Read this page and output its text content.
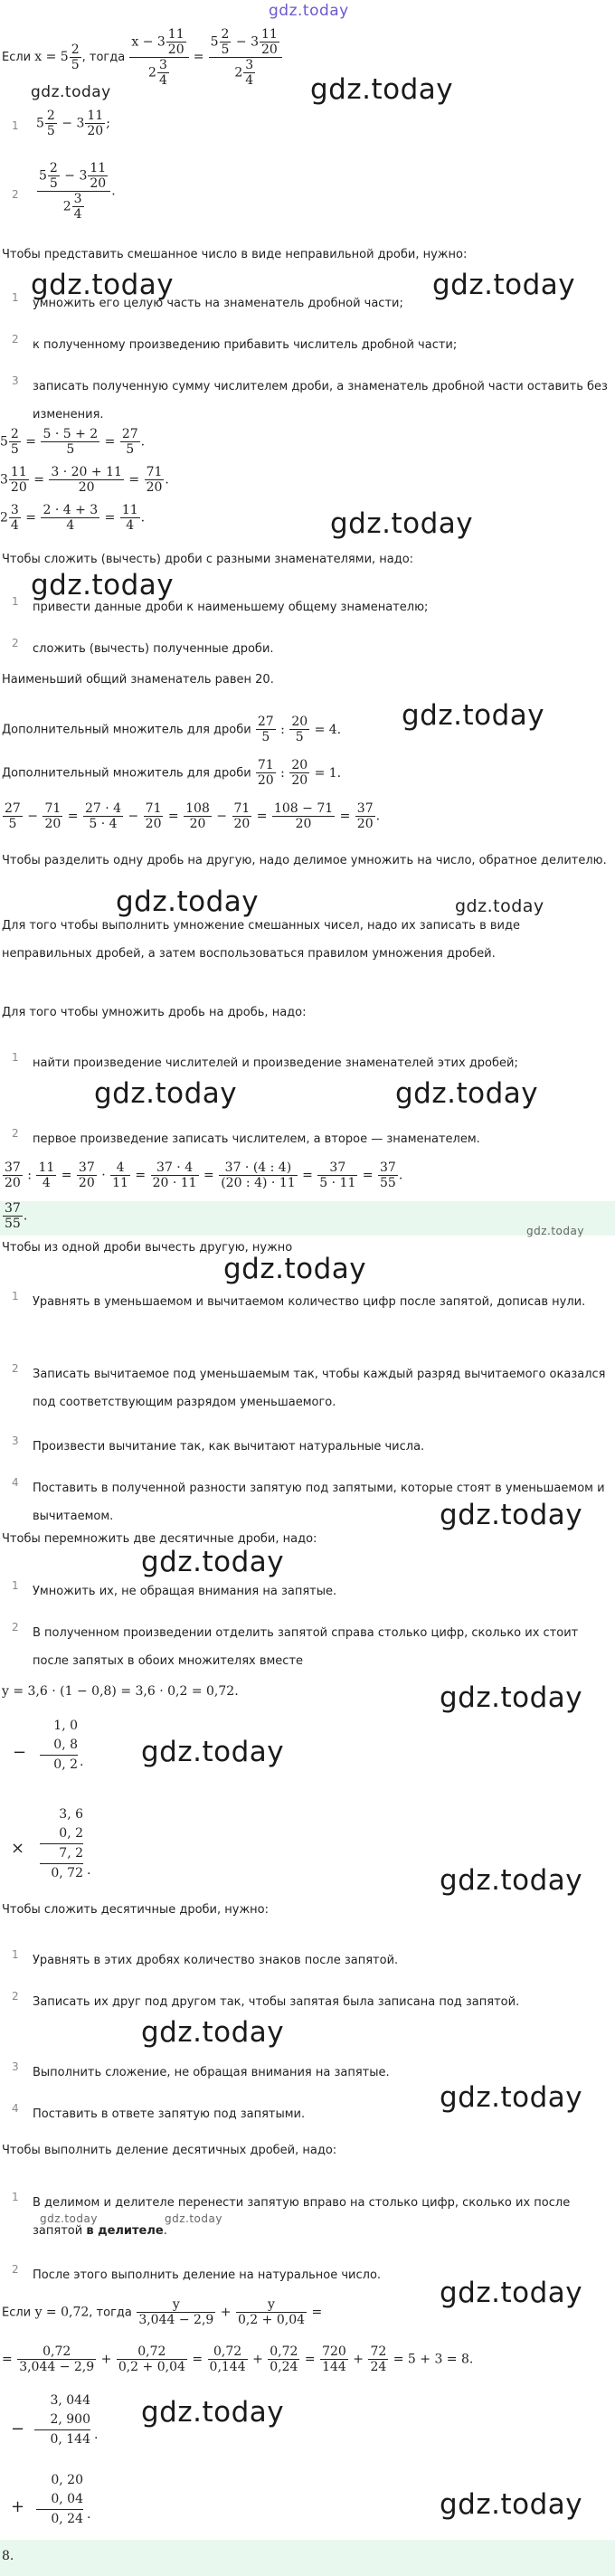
gdz.today
Если $x = 5 \frac{2}{5}$ , тогда $\frac{x - 3 \frac{11}{20}}{2 \frac{3}{4}} = \frac{5 \frac{2}{5} - 3 \frac{11}{20}}{2 \frac{3}{4}}$
gdz.today
gdz.today
1 $5 \frac{2}{5} - 3 \frac{11}{20}$ ;
$2 \frac{5 \frac{2}{5} - 3 \frac{11}{20}}{2 \frac{3}{4}}$ .
Чтобы представить смешанное число в виде неправильной дроби, нужно:
gdz.today	gdz.today
1 умножить его целую часть на знаменатель дробной части;
2 к полученному произведению прибавить числитель дробной части;
3 записать полученную сумму числителем дроби, а знаменатель дробной части оставить без изменения.
$5 \frac{2}{5} = \frac{5 \cdot 5 + 2}{5} = \frac{27}{5}$ .
$3 \frac{11}{20} = \frac{3 \cdot 20 + 11}{20} = \frac{71}{20}$ .
$2 \frac{3}{4} = \frac{2 \cdot 4 + 3}{4} = \frac{11}{4}$ .	gdz.today
Чтобы сложить (вычесть) дроби с разными знаменателями, надо:
gdz.today
1 привести данные дроби к наименьшему общему знаменателю;
2 сложить (вычесть) полученные дроби.
Наименьший общий знаменатель равен 20.
Дополнительный множитель для дроби $\frac{27}{5}$ : $\frac{20}{5} = 4$. gdz.today
Дополнительный множитель для дроби $\frac{71}{20}$ : $\frac{20}{20} = 1$.
$\frac{27}{5} - \frac{71}{20} = \frac{27 \cdot 4}{5 \cdot 4} - \frac{71}{20} = \frac{108}{20} - \frac{71}{20} = \frac{108 - 71}{20} = \frac{37}{20}$ .
Чтобы разделить одну дробь на другую, надо делимое умножить на число, обратное делителю.
gdz.today	gdz.today
Для того чтобы выполнить умножение смешанных чисел, надо их записать в виде неправильных дробей, а затем воспользоваться правилом умножения дробей.
Для того чтобы умножить дробь на дробь, надо:
1 найти произведение числителей и произведение знаменателей этих дробей;
gdz.today	gdz.today
2 первое произведение записать числителем, а второе — знаменателем.
$\frac{37}{20}$ : $\frac{11}{4} = \frac{37}{20} \cdot \frac{4}{11} = \frac{37 \cdot 4}{20 \cdot 11} = \frac{37 \cdot (4 : 4)}{(20 : 4) \cdot 11} = \frac{37}{5 \cdot 11} = \frac{37}{55}$ .
$\frac{37}{55}$ .
Чтобы из одной дроби вычесть другую, нужно
gdz.today
gdz.today
1 Уравнять в уменьшаемом и вычитаемом количество цифр после запятой, дописав нули.
2 Записать вычитаемое под уменьшаемым так, чтобы каждый разряд вычитаемого оказался под соответствующим разрядом уменьшаемого.
3 Произвести вычитание так, как вычитают натуральные числа.
4 Поставить в полученной разности запятую под запятыми, которые стоят в уменьшаемом и вычитаемом.	gdz.today
Чтобы перемножить две десятичные дроби, надо:
gdz.today
1 Умножить их, не обращая внимания на запятые.
2 В полученном произведении отделить запятой справа столько цифр, сколько их стоит после запятых в обоих множителях вместе
y = 3,6 · (1 − 0,8) = 3,6 · 0,2 = 0,72.	gdz.today
−
1, 0
0, 8
0, 2 . gdz.today
×
3, 6
0, 2
7, 2
0, 72 .	gdz.today
Чтобы сложить десятичные дроби, нужно:
1 Уравнять в этих дробях количество знаков после запятой.
2 Записать их друг под другом так, чтобы запятая была записана под запятой.
gdz.today
3 Выполнить сложение, не обращая внимания на запятые.
gdz.today
4 Поставить в ответе запятую под запятыми.
Чтобы выполнить деление десятичных дробей, надо:
1 В делимом и делителе перенести запятую вправо на столько цифр, сколько их после запятой в делителе.
gdz.today	gdz.today
2 После этого выполнить деление на натуральное число.
gdz.today
Если y = 0,72, тогда $\frac{y}{3,044 - 2,9} + \frac{y}{0,2 + 0,04}$ =
= $\frac{0,72}{3,044 - 2,9} + \frac{0,72}{0,2 + 0,04} = \frac{0,72}{0,144} + \frac{0,72}{0,24} = \frac{720}{144} + \frac{72}{24} = 5 + 3 = 8$.
−
3, 044
2, 900
0, 144 .
gdz.today
+
0, 20
0, 04
0, 24 .	gdz.today
8.
